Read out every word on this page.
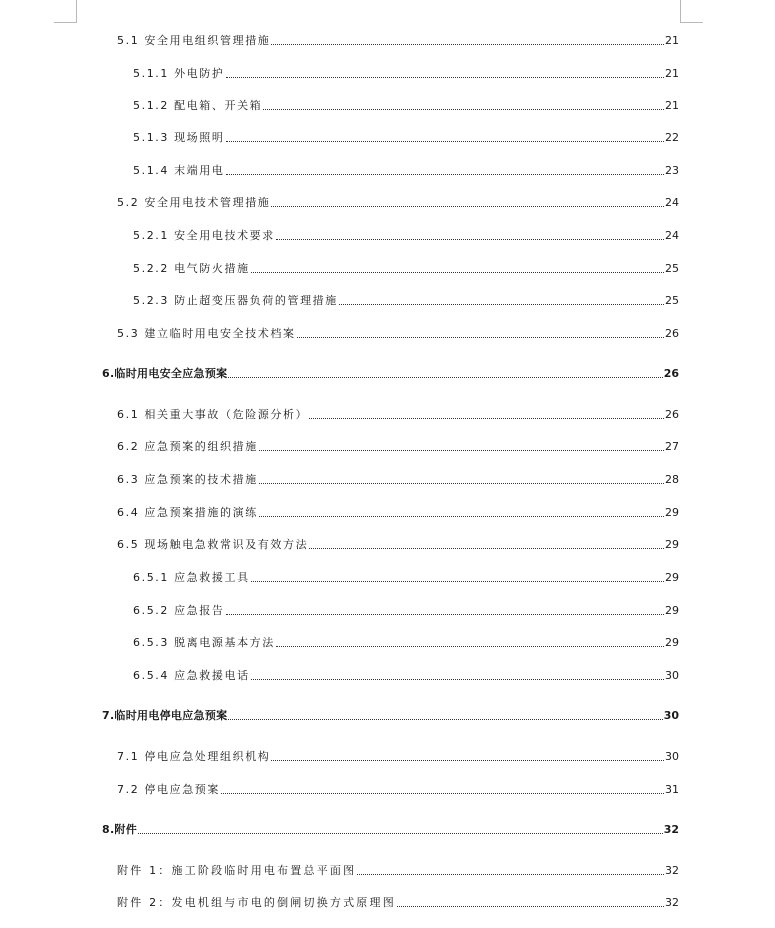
5.1 安全用电组织管理措施	21
5.1.1 外电防护	21
5.1.2 配电箱、开关箱	21
5.1.3 现场照明	22
5.1.4 末端用电	23
5.2 安全用电技术管理措施	24
5.2.1 安全用电技术要求	24
5.2.2 电气防火措施	25
5.2.3 防止超变压器负荷的管理措施	25
5.3 建立临时用电安全技术档案	26
6.临时用电安全应急预案	26
6.1 相关重大事故（危险源分析）	26
6.2 应急预案的组织措施	27
6.3 应急预案的技术措施	28
6.4 应急预案措施的演练	29
6.5 现场触电急救常识及有效方法	29
6.5.1 应急救援工具	29
6.5.2 应急报告	29
6.5.3 脱离电源基本方法	29
6.5.4 应急救援电话	30
7.临时用电停电应急预案	30
7.1 停电应急处理组织机构	30
7.2 停电应急预案	31
8.附件	32
附件 1：施工阶段临时用电布置总平面图	32
附件 2：发电机组与市电的倒闸切换方式原理图	32
